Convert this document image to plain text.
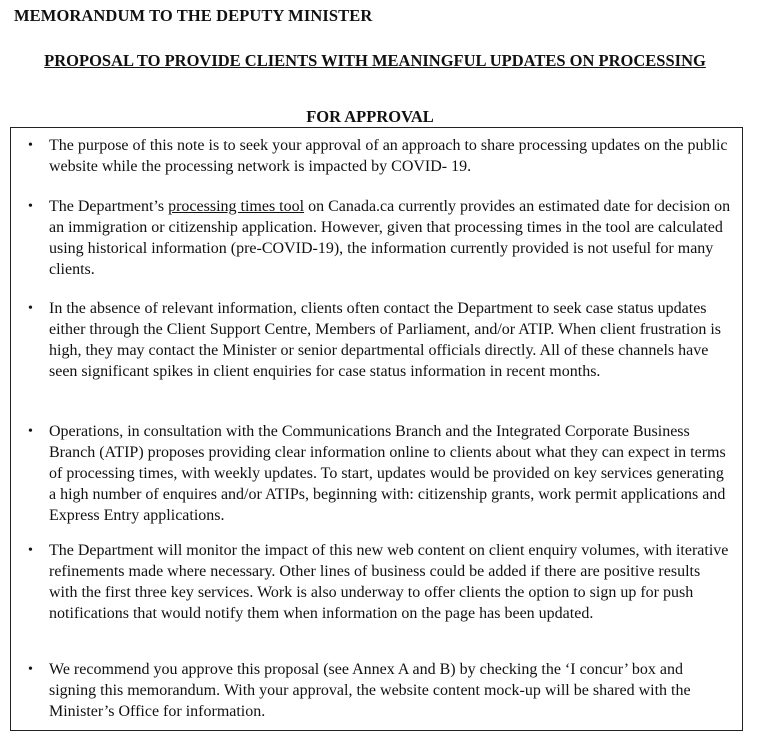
MEMORANDUM TO THE DEPUTY MINISTER
PROPOSAL TO PROVIDE CLIENTS WITH MEANINGFUL UPDATES ON PROCESSING
FOR APPROVAL
• The purpose of this note is to seek your approval of an approach to share processing updates on the public website while the processing network is impacted by COVID- 19.
• The Department’s processing times tool on Canada.ca currently provides an estimated date for decision on an immigration or citizenship application. However, given that processing times in the tool are calculated using historical information (pre-COVID-19), the information currently provided is not useful for many clients.
• In the absence of relevant information, clients often contact the Department to seek case status updates either through the Client Support Centre, Members of Parliament, and/or ATIP. When client frustration is high, they may contact the Minister or senior departmental officials directly. All of these channels have seen significant spikes in client enquiries for case status information in recent months.
• Operations, in consultation with the Communications Branch and the Integrated Corporate Business Branch (ATIP) proposes providing clear information online to clients about what they can expect in terms of processing times, with weekly updates. To start, updates would be provided on key services generating a high number of enquires and/or ATIPs, beginning with: citizenship grants, work permit applications and Express Entry applications.
• The Department will monitor the impact of this new web content on client enquiry volumes, with iterative refinements made where necessary. Other lines of business could be added if there are positive results with the first three key services. Work is also underway to offer clients the option to sign up for push notifications that would notify them when information on the page has been updated.
• We recommend you approve this proposal (see Annex A and B) by checking the ‘I concur’ box and signing this memorandum. With your approval, the website content mock-up will be shared with the Minister’s Office for information.
